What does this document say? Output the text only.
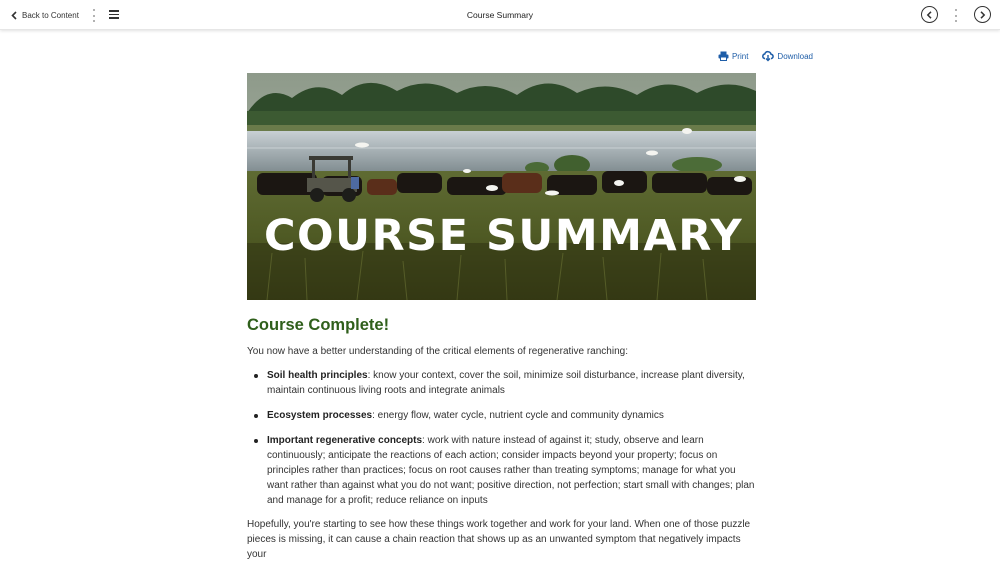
Back to Content	Course Summary
Print	Download
COURSE SUMMARY
Course Complete!

You now have a better understanding of the critical elements of regenerative ranching:

Soil health principles: know your context, cover the soil, minimize soil disturbance, increase plant diversity, maintain continuous living roots and integrate animals
Ecosystem processes: energy flow, water cycle, nutrient cycle and community dynamics
Important regenerative concepts: work with nature instead of against it; study, observe and learn continuously; anticipate the reactions of each action; consider impacts beyond your property; focus on principles rather than practices; focus on root causes rather than treating symptoms; manage for what you want rather than against what you do not want; positive direction, not perfection; start small with changes; plan and manage for a profit; reduce reliance on inputs

Hopefully, you're starting to see how these things work together and work for your land. When one of those puzzle pieces is missing, it can cause a chain reaction that shows up as an unwanted symptom that negatively impacts your
